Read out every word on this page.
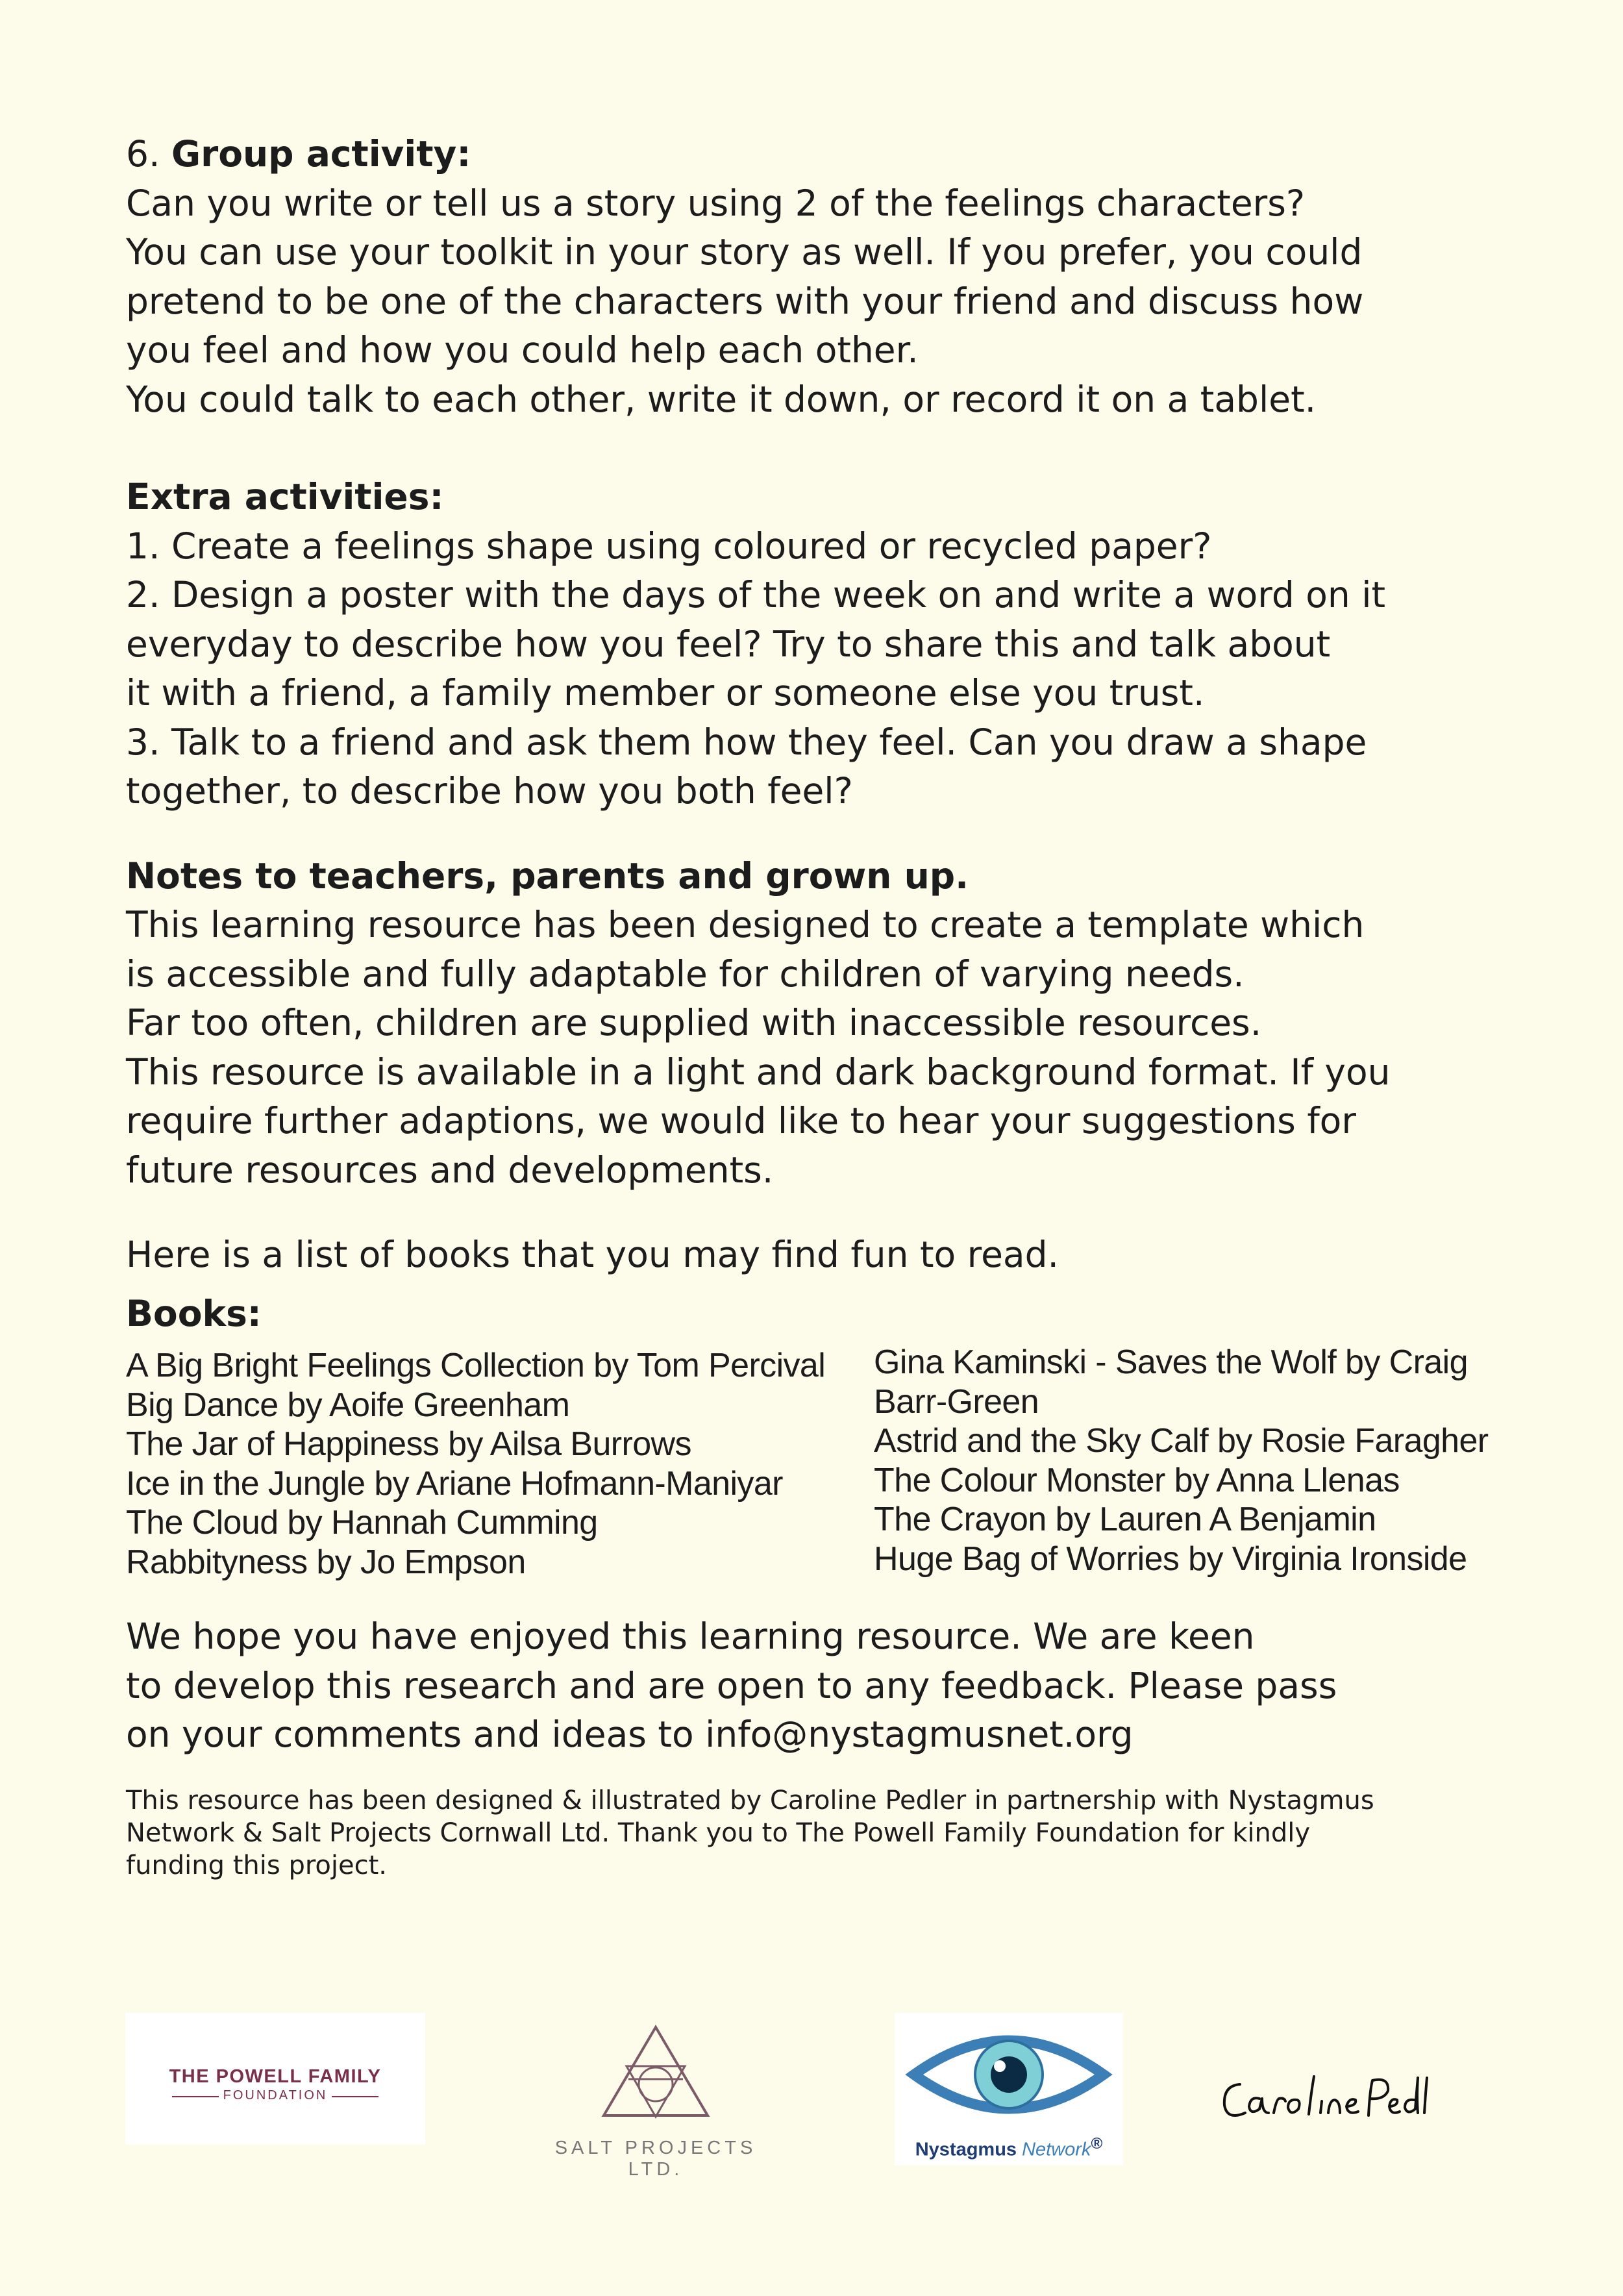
6. Group activity:

Can you write or tell us a story using 2 of the feelings characters?

You can use your toolkit in your story as well. If you prefer, you could

pretend to be one of the characters with your friend and discuss how

you feel and how you could help each other.

You could talk to each other, write it down, or record it on a tablet.

Extra activities:

1. Create a feelings shape using coloured or recycled paper?

2. Design a poster with the days of the week on and write a word on it

everyday to describe how you feel? Try to share this and talk about

it with a friend, a family member or someone else you trust.

3. Talk to a friend and ask them how they feel. Can you draw a shape

together, to describe how you both feel?

Notes to teachers, parents and grown up.

This learning resource has been designed to create a template which

is accessible and fully adaptable for children of varying needs.

Far too often, children are supplied with inaccessible resources.

This resource is available in a light and dark background format. If you

require further adaptions, we would like to hear your suggestions for

future resources and developments.

Here is a list of books that you may find fun to read.

Books:

A Big Bright Feelings Collection by Tom Percival
Big Dance by Aoife Greenham
The Jar of Happiness by Ailsa Burrows
Ice in the Jungle by Ariane Hofmann-Maniyar
The Cloud by Hannah Cumming
Rabbityness by Jo Empson
Gina Kaminski - Saves the Wolf by Craig
Barr-Green
Astrid and the Sky Calf by Rosie Faragher
The Colour Monster by Anna Llenas
The Crayon by Lauren A Benjamin
Huge Bag of Worries by Virginia Ironside

We hope you have enjoyed this learning resource. We are keen

to develop this research and are open to any feedback. Please pass

on your comments and ideas to info@nystagmusnet.org

This resource has been designed & illustrated by Caroline Pedler in partnership with Nystagmus

Network & Salt Projects Cornwall Ltd. Thank you to The Powell Family Foundation for kindly

funding this project.

THE POWELL FAMILY
FOUNDATION
SALT PROJECTS LTD.
Nystagmus Network®
